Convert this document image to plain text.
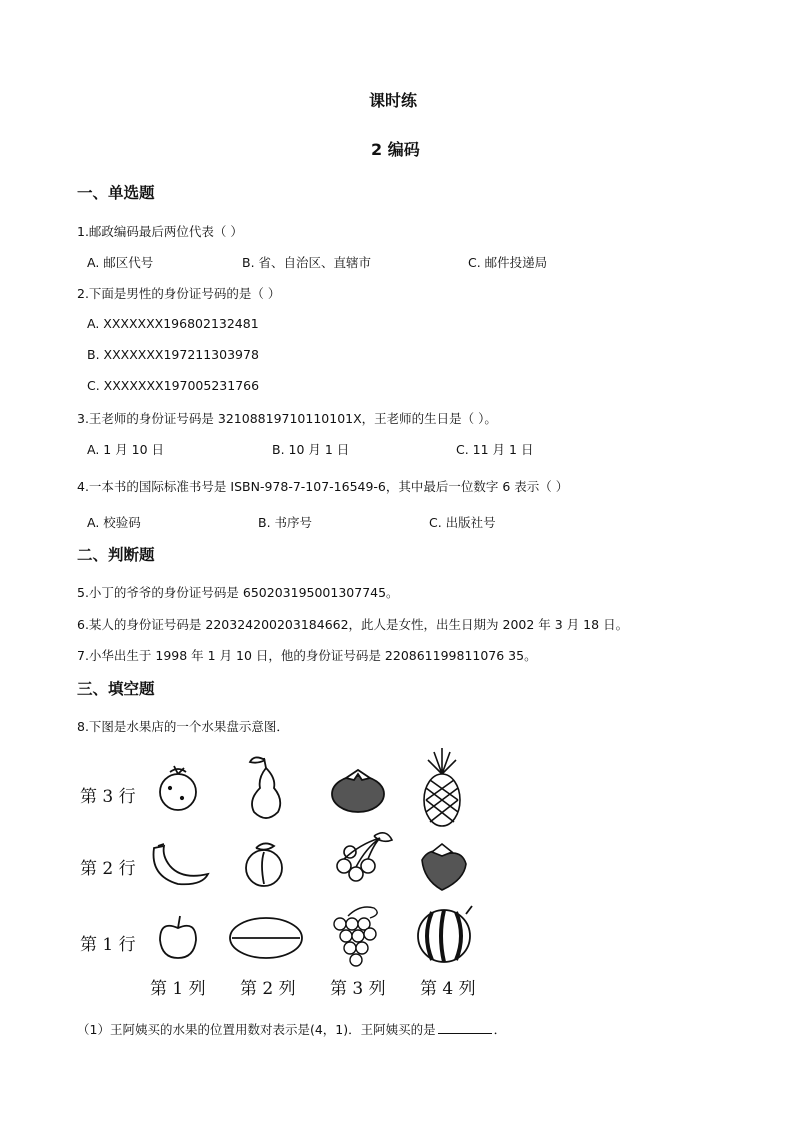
课时练
2 编码
一、单选题
1.邮政编码最后两位代表（ ）
A. 邮区代号	B. 省、自治区、直辖市	C. 邮件投递局
2.下面是男性的身份证号码的是（ ）
A. XXXXXXX196802132481
B. XXXXXXX197211303978
C. XXXXXXX197005231766
3.王老师的身份证号码是 32108819710110101X，王老师的生日是（ ）。
A. 1 月 10 日	B. 10 月 1 日	C. 11 月 1 日
4.一本书的国际标准书号是 ISBN-978-7-107-16549-6，其中最后一位数字 6 表示（ ）
A. 校验码	B. 书序号	C. 出版社号
二、判断题
5.小丁的爷爷的身份证号码是 650203195001307745。
6.某人的身份证号码是 220324200203184662，此人是女性，出生日期为 2002 年 3 月 18 日。
7.小华出生于 1998 年 1 月 10 日，他的身份证号码是 220861199811076 35。
三、填空题
8.下图是水果店的一个水果盘示意图．
第 3 行
第 2 行
第 1 行
第 1 列 第 2 列 第 3 列 第 4 列
（1）王阿姨买的水果的位置用数对表示是(4，1)．王阿姨买的是	．
